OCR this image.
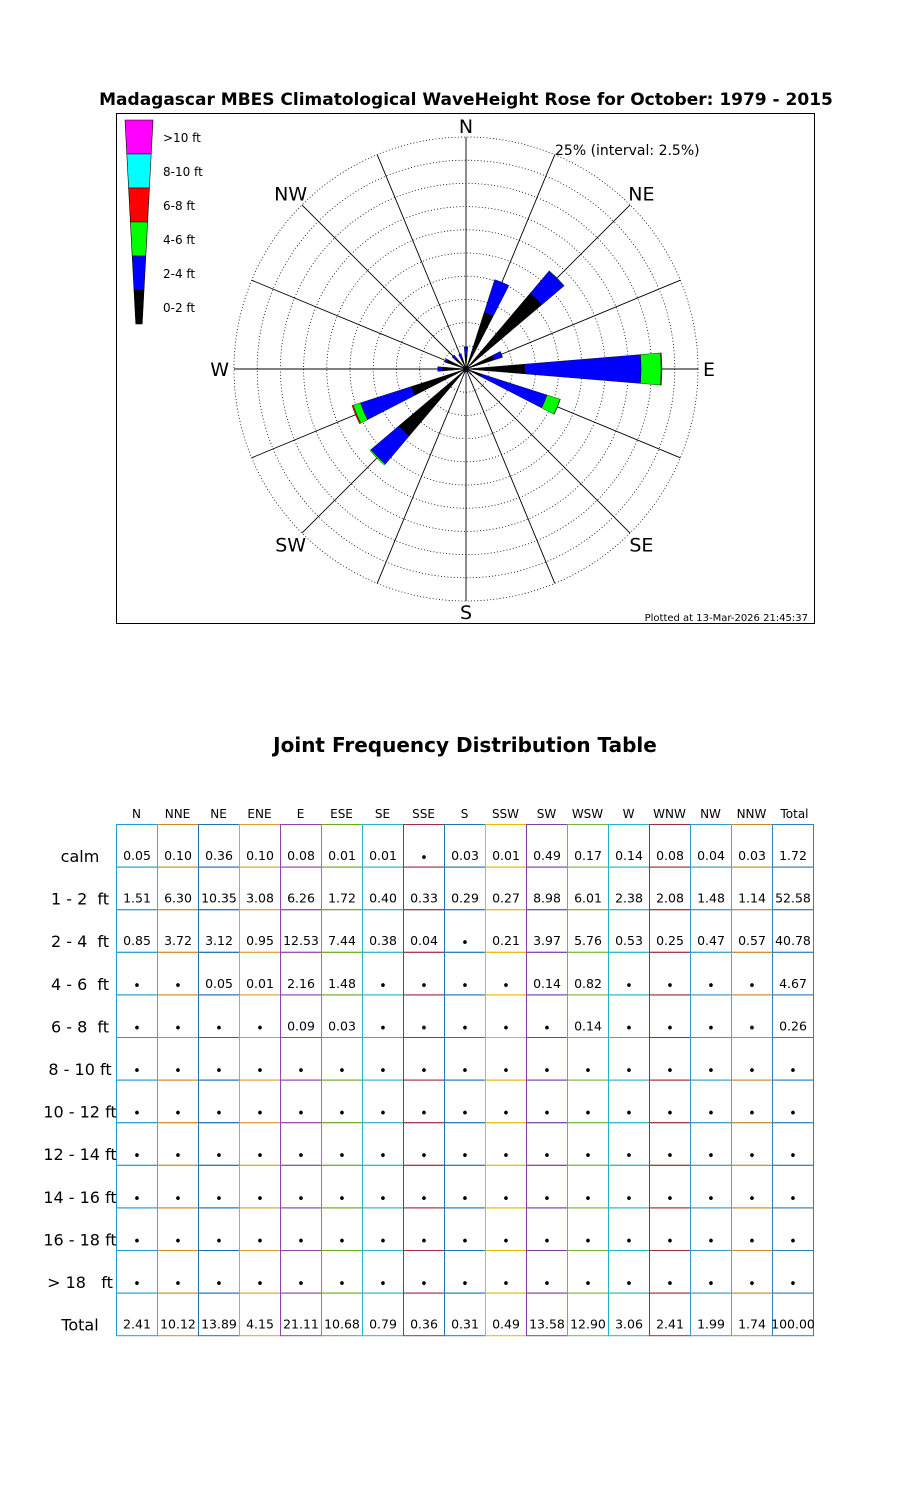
Madagascar MBES Climatological WaveHeight Rose for October: 1979 - 2015
N
NE
E
SE
S
SW
W
NW
25% (interval: 2.5%)
>10 ft
8-10 ft
6-8 ft
4-6 ft
2-4 ft
0-2 ft
Plotted at 13-Mar-2026 21:45:37
Joint Frequency Distribution Table
N NNE NE ENE E ESE SE SSE S SSW SW WSW W WNW NW NNW Total
calm 0.05 0.10 0.36 0.10 0.08 0.01 0.01 • 0.03 0.01 0.49 0.17 0.14 0.08 0.04 0.03 1.72
1 - 2  ft 1.51 6.30 10.35 3.08 6.26 1.72 0.40 0.33 0.29 0.27 8.98 6.01 2.38 2.08 1.48 1.14 52.58
2 - 4  ft 0.85 3.72 3.12 0.95 12.53 7.44 0.38 0.04 • 0.21 3.97 5.76 0.53 0.25 0.47 0.57 40.78
4 - 6  ft •	• 0.05 0.01 2.16 1.48 •	•	•	• 0.14 0.82 •	•	•	• 4.67
6 - 8  ft •	•	•	• 0.09 0.03 •	•	•	•	• 0.14 •	•	•	• 0.26
8 - 10 ft •	•	•	•	•	•	•	•	•	•	•	•	•	•	•	•	•
10 - 12 ft •	•	•	•	•	•	•	•	•	•	•	•	•	•	•	•	•
12 - 14 ft •	•	•	•	•	•	•	•	•	•	•	•	•	•	•	•	•
14 - 16 ft •	•	•	•	•	•	•	•	•	•	•	•	•	•	•	•	•
16 - 18 ft •	•	•	•	•	•	•	•	•	•	•	•	•	•	•	•	•
> 18   ft •	•	•	•	•	•	•	•	•	•	•	•	•	•	•	•	•
Total 2.41 10.12 13.89 4.15 21.11 10.68 0.79 0.36 0.31 0.49 13.58 12.90 3.06 2.41 1.99 1.74 100.00
